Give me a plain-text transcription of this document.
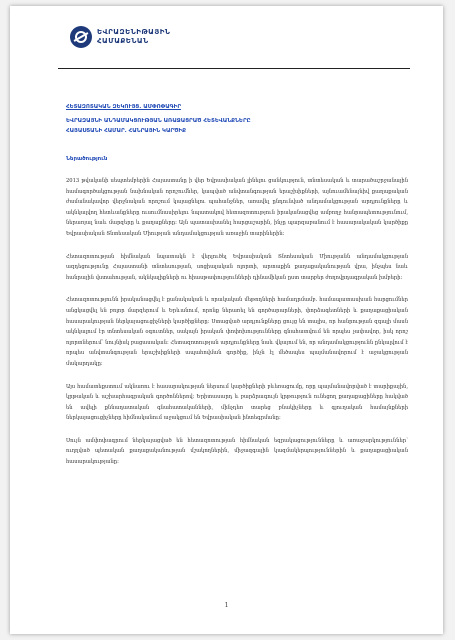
ԵՎՐԱԶԵՆԻԹԱՅԻՆ
ՀԱՄԱՔԵՆԱՆ
ՀԵՏԱԶՈՏԱԿԱՆ ԶԵԿՈՒՅՑ. ԱՄՓՈՓԱԳԻՐ
ԵՎՐԱԶԱՅՆԻ ԱՆԴԱՄԱԿՑՈՒԹՅԱՆ ԱՌԱՋԱՑՐԱԾ ՀԵՏԵՎԱՆՔՆԵՐԸ
ՀԱՅԱՍՏԱՆԻ ՀԱՄԱՐ. ՀԱՆՐԱՅԻՆ ԿԱՐԾԻՔ
Ներածություն

2013 թվականի սեպտեմբերին Հայաստանը ի վեր Եվրասիական լինելու ցանկություն, տնտեսական և տարածաշրջանային համագործակցության նախնական որոշումներ, կապված անվտանգության երաշխիքների, այնուամենայնիվ քաղաքական ժամանակավոր վերջնական որոշում կայացնելու պահանջներ, առավել ընդունված անդամակցության արդյունքները և ակնկալվող հետևանքները ուսումնասիրելու նպատակով հետազոտություն իրականացվեց ամբողջ հանրապետությունում, ներառյալ նաև մարզերը և քաղաքները: Այն պատասխանել հարցաշարին, ինչը պարզաբանում է հասարակական կարծիքը Եվրասիական Տնտեսական Միության անդամակցության առաջին տարիներին:

Հետազոտության հիմնական նպատակն է վերլուծել Եվրասիական Տնտեսական Միությանն անդամակցության ազդեցությունը Հայաստանի տնտեսության, սոցիալական ոլորտի, արտաքին քաղաքականության վրա, ինչպես նաև հանրային վստահության, ակնկալիքների ու հիասթափությունների դինամիկան ըստ տարբեր ժողովրդագրական խմբերի:

Հետազոտությունն իրականացվել է քանակական և որակական մեթոդների համադրմամբ. համապատասխան հարցումներ անցկացվել են բոլոր մարզերում և Երևանում, որոնք ներառել են գործարարների, փորձագետների և քաղաքացիական հասարակության ներկայացուցիչների կարծիքները: Ստացված արդյունքները ցույց են տալիս, որ հանրության զգալի մասն ակնկալում էր տնտեսական օգուտներ, սակայն իրական փոփոխությունները գնահատվում են որպես չափավոր, իսկ որոշ ոլորտներում՝ նույնիսկ բացասական: Հետազոտության արդյունքները նաև վկայում են, որ անդամակցությունն ընկալվում է որպես անվտանգության երաշխիքների ապահովման գործիք, ինչն էլ մեծապես պայմանավորում է աջակցության մակարդակը:

Այս համատեքստում ակնառու է հասարակության ներսում կարծիքների բևեռացումը, որը պայմանավորված է տարիքային, կրթական և աշխարհագրական գործոններով: Երիտասարդ և բարձրագույն կրթություն ունեցող քաղաքացիները հակված են ավելի քննադատական գնահատականների, մինչդեռ տարեց բնակիչները և գյուղական համայնքների ներկայացուցիչները հիմնականում աջակցում են Եվրասիական ինտեգրմանը:

Սույն ամփոփագրում ներկայացված են հետազոտության հիմնական եզրակացությունները և առաջարկություններ՝ ուղղված պետական քաղաքականության մշակողներին, միջազգային կազմակերպություններին և քաղաքացիական հասարակությանը:

1
